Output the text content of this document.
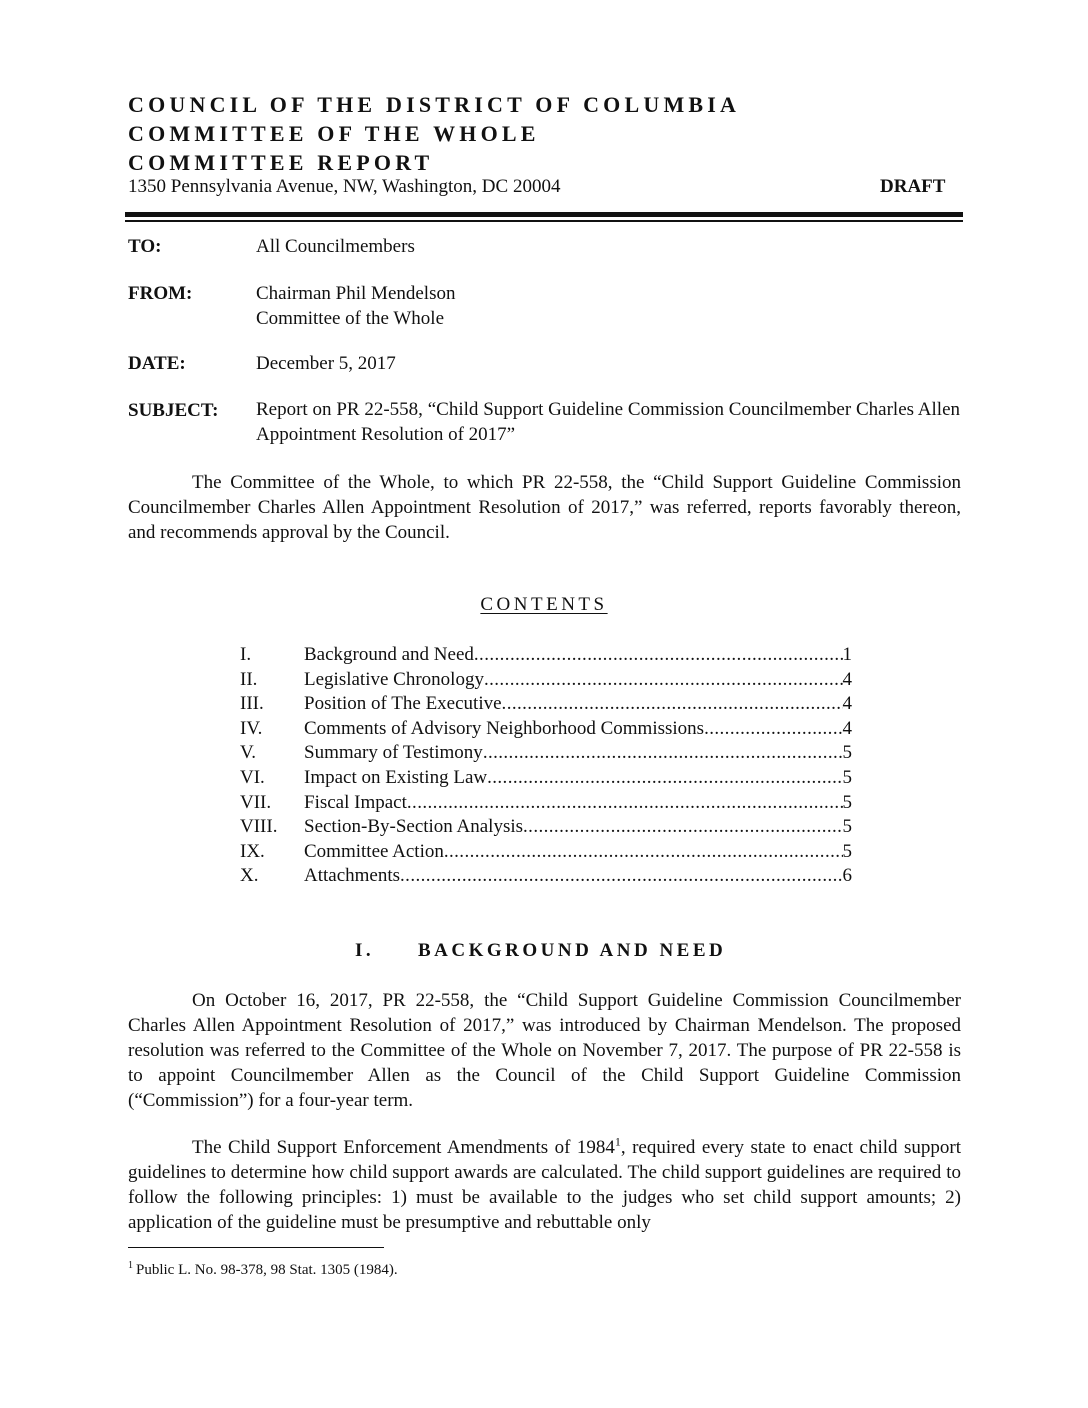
COUNCIL OF THE DISTRICT OF COLUMBIA
COMMITTEE OF THE WHOLE
COMMITTEE REPORT
1350 Pennsylvania Avenue, NW, Washington, DC 20004	DRAFT
TO:	All Councilmembers
FROM:	Chairman Phil Mendelson
Committee of the Whole
DATE:	December 5, 2017
SUBJECT: Report on PR 22-558, “Child Support Guideline Commission Councilmember Charles Allen Appointment Resolution of 2017”
The Committee of the Whole, to which PR 22-558, the “Child Support Guideline Commission Councilmember Charles Allen Appointment Resolution of 2017,” was referred, reports favorably thereon, and recommends approval by the Council.
CONTENTS
I.	Background and Need .....	1
II.	Legislative Chronology .....	4
III.	Position of The Executive .....	4
IV.	Comments of Advisory Neighborhood Commissions .....	4
V.	Summary of Testimony .....	5
VI.	Impact on Existing Law .....	5
VII.	Fiscal Impact .....	5
VIII.	Section-By-Section Analysis .....	5
IX.	Committee Action .....	5
X.	Attachments .....	6
I. BACKGROUND AND NEED
On October 16, 2017, PR 22-558, the “Child Support Guideline Commission Councilmember Charles Allen Appointment Resolution of 2017,” was introduced by Chairman Mendelson. The proposed resolution was referred to the Committee of the Whole on November 7, 2017. The purpose of PR 22-558 is to appoint Councilmember Allen as the Council of the Child Support Guideline Commission (“Commission”) for a four-year term.
The Child Support Enforcement Amendments of 1984$^1$, required every state to enact child support guidelines to determine how child support awards are calculated. The child support guidelines are required to follow the following principles: 1) must be available to the judges who set child support amounts; 2) application of the guideline must be presumptive and rebuttable only
$^1$ Public L. No. 98-378, 98 Stat. 1305 (1984).
